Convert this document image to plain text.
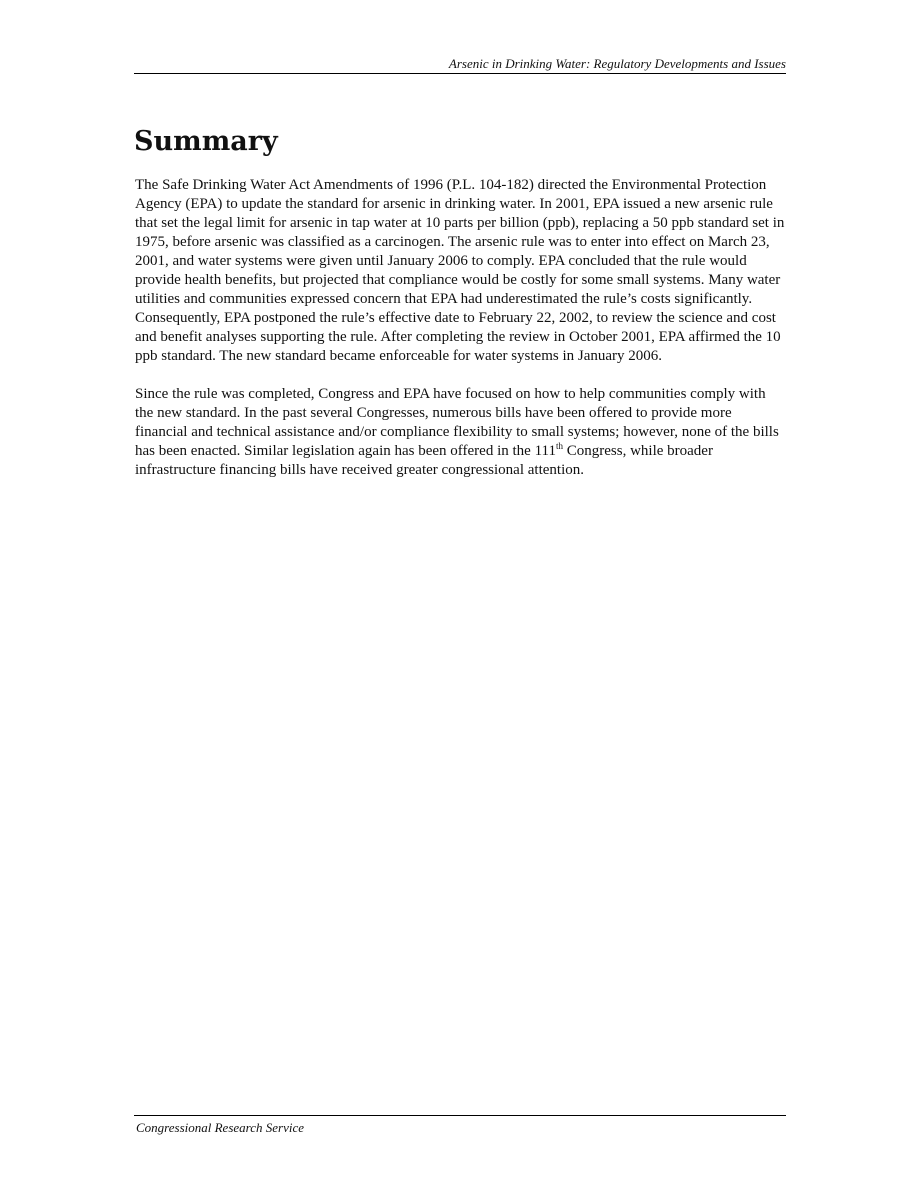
Arsenic in Drinking Water: Regulatory Developments and Issues
Summary

The Safe Drinking Water Act Amendments of 1996 (P.L. 104-182) directed the Environmental Protection Agency (EPA) to update the standard for arsenic in drinking water. In 2001, EPA issued a new arsenic rule that set the legal limit for arsenic in tap water at 10 parts per billion (ppb), replacing a 50 ppb standard set in 1975, before arsenic was classified as a carcinogen. The arsenic rule was to enter into effect on March 23, 2001, and water systems were given until January 2006 to comply. EPA concluded that the rule would provide health benefits, but projected that compliance would be costly for some small systems. Many water utilities and communities expressed concern that EPA had underestimated the rule’s costs significantly. Consequently, EPA postponed the rule’s effective date to February 22, 2002, to review the science and cost and benefit analyses supporting the rule. After completing the review in October 2001, EPA affirmed the 10 ppb standard. The new standard became enforceable for water systems in January 2006.

Since the rule was completed, Congress and EPA have focused on how to help communities comply with the new standard. In the past several Congresses, numerous bills have been offered to provide more financial and technical assistance and/or compliance flexibility to small systems; however, none of the bills has been enacted. Similar legislation again has been offered in the 111th Congress, while broader infrastructure financing bills have received greater congressional attention.

Congressional Research Service
